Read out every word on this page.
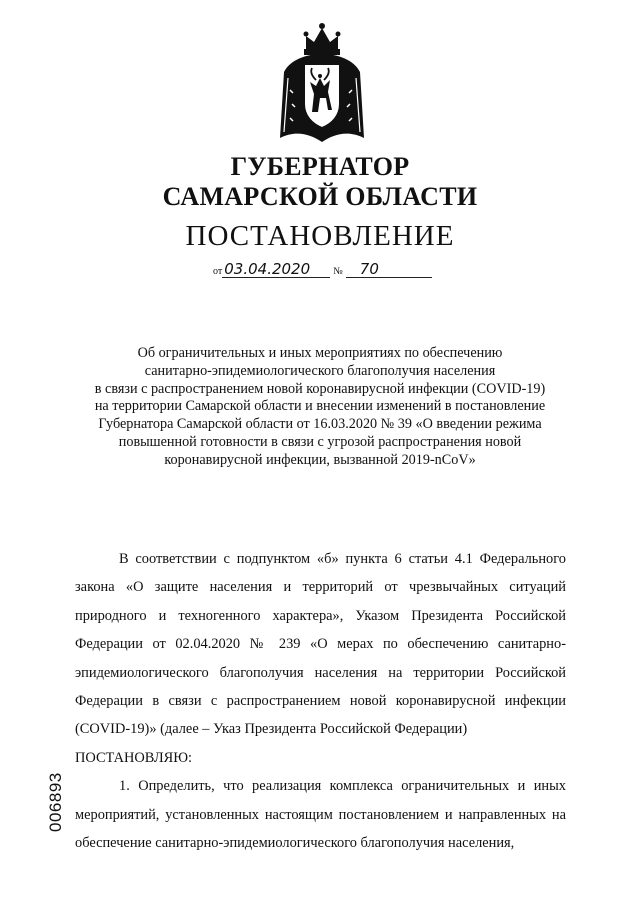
ГУБЕРНАТОР
САМАРСКОЙ ОБЛАСТИ
ПОСТАНОВЛЕНИЕ
от 03.04.2020 № 70
Об ограничительных и иных мероприятиях по обеспечению
санитарно-эпидемиологического благополучия населения
в связи с распространением новой коронавирусной инфекции (COVID-19)
на территории Самарской области и внесении изменений в постановление
Губернатора Самарской области от 16.03.2020 № 39 «О введении режима
повышенной готовности в связи с угрозой распространения новой
коронавирусной инфекции, вызванной 2019-nCoV»

В соответствии с подпунктом «б» пункта 6 статьи 4.1 Федерального закона «О защите населения и территорий от чрезвычайных ситуаций природного и техногенного характера», Указом Президента Российской Федерации от 02.04.2020 № 239 «О мерах по обеспечению санитарно-эпидемиологического благополучия населения на территории Российской Федерации в связи с распространением новой коронавирусной инфекции (COVID-19)» (далее – Указ Президента Российской Федерации)

ПОСТАНОВЛЯЮ:

1. Определить, что реализация комплекса ограничительных и иных мероприятий, установленных настоящим постановлением и направленных на обеспечение санитарно-эпидемиологического благополучия населения,

006893
